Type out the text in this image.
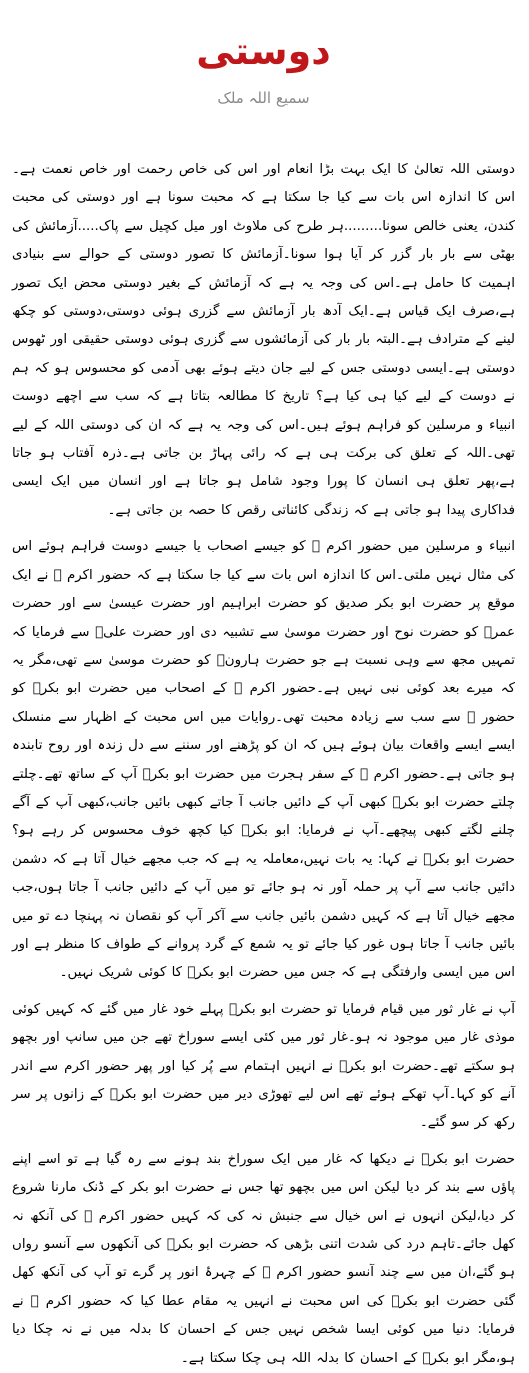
دوستی
سمیع اللہ ملک

دوستی اللہ تعالیٰ کا ایک بہت بڑا انعام اور اس کی خاص رحمت اور خاص نعمت ہے۔اس کا اندازہ اس بات سے کیا جا سکتا ہے کہ محبت سونا ہے اور دوستی کی محبت کندن، یعنی خالص سونا.........ہر طرح کی ملاوٹ اور میل کچیل سے پاک.....آزمائش کی بھٹی سے بار بار گزر کر آیا ہوا سونا۔آزمائش کا تصور دوستی کے حوالے سے بنیادی اہمیت کا حامل ہے۔اس کی وجہ یہ ہے کہ آزمائش کے بغیر دوستی محض ایک تصور ہے،صرف ایک قیاس ہے۔ایک آدھ بار آزمائش سے گزری ہوئی دوستی،دوستی کو چکھ لینے کے مترادف ہے۔البتہ بار بار کی آزمائشوں سے گزری ہوئی دوستی حقیقی اور ٹھوس دوستی ہے۔ایسی دوستی جس کے لیے جان دیتے ہوئے بھی آدمی کو محسوس ہو کہ ہم نے دوست کے لیے کیا ہی کیا ہے؟ تاریخ کا مطالعہ بتاتا ہے کہ سب سے اچھے دوست انبیاء و مرسلین کو فراہم ہوئے ہیں۔اس کی وجہ یہ ہے کہ ان کی دوستی اللہ کے لیے تھی۔اللہ کے تعلق کی برکت ہی ہے کہ رائی پہاڑ بن جاتی ہے۔ذرہ آفتاب ہو جاتا ہے،پھر تعلق ہی انسان کا پورا وجود شامل ہو جاتا ہے اور انسان میں ایک ایسی فداکاری پیدا ہو جاتی ہے کہ زندگی کائناتی رقص کا حصہ بن جاتی ہے۔

انبیاء و مرسلین میں حضور اکرم ﷺ کو جیسے اصحاب یا جیسے دوست فراہم ہوئے اس کی مثال نہیں ملتی۔اس کا اندازہ اس بات سے کیا جا سکتا ہے کہ حضور اکرم ﷺ نے ایک موقع پر حضرت ابو بکر صدیق کو حضرت ابراہیم اور حضرت عیسیٰ سے اور حضرت عمرؓ کو حضرت نوح اور حضرت موسیٰ سے تشبیہ دی اور حضرت علیؓ سے فرمایا کہ تمہیں مجھ سے وہی نسبت ہے جو حضرت ہارونؑ کو حضرت موسیٰ سے تھی،مگر یہ کہ میرے بعد کوئی نبی نہیں ہے۔حضور اکرم ﷺ کے اصحاب میں حضرت ابو بکرؓ کو حضور ﷺ سے سب سے زیادہ محبت تھی۔روایات میں اس محبت کے اظہار سے منسلک ایسے ایسے واقعات بیان ہوئے ہیں کہ ان کو پڑھنے اور سننے سے دل زندہ اور روح تابندہ ہو جاتی ہے۔حضور اکرم ﷺ کے سفر ہجرت میں حضرت ابو بکرؓ آپ کے ساتھ تھے۔چلتے چلتے حضرت ابو بکرؓ کبھی آپ کے دائیں جانب آ جاتے کبھی بائیں جانب،کبھی آپ کے آگے چلنے لگتے کبھی پیچھے۔آپ نے فرمایا: ابو بکرؓ کیا کچھ خوف محسوس کر رہے ہو؟ حضرت ابو بکرؓ نے کہا: یہ بات نہیں،معاملہ یہ ہے کہ جب مجھے خیال آتا ہے کہ دشمن دائیں جانب سے آپ پر حملہ آور نہ ہو جائے تو میں آپ کے دائیں جانب آ جاتا ہوں،جب مجھے خیال آتا ہے کہ کہیں دشمن بائیں جانب سے آکر آپ کو نقصان نہ پہنچا دے تو میں بائیں جانب آ جاتا ہوں غور کیا جائے تو یہ شمع کے گرد پروانے کے طواف کا منظر ہے اور اس میں ایسی وارفتگی ہے کہ جس میں حضرت ابو بکرؓ کا کوئی شریک نہیں۔

آپ نے غار ثور میں قیام فرمایا تو حضرت ابو بکرؓ پہلے خود غار میں گئے کہ کہیں کوئی موذی غار میں موجود نہ ہو۔غار ثور میں کئی ایسے سوراخ تھے جن میں سانپ اور بچھو ہو سکتے تھے۔حضرت ابو بکرؓ نے انہیں اہتمام سے پُر کیا اور پھر حضور اکرم سے اندر آنے کو کہا۔آپ تھکے ہوئے تھے اس لیے تھوڑی دیر میں حضرت ابو بکرؓ کے زانوں پر سر رکھ کر سو گئے۔

حضرت ابو بکرؓ نے دیکھا کہ غار میں ایک سوراخ بند ہونے سے رہ گیا ہے تو اسے اپنے پاؤں سے بند کر دیا لیکن اس میں بچھو تھا جس نے حضرت ابو بکر کے ڈنک مارنا شروع کر دیا،لیکن انہوں نے اس خیال سے جنبش نہ کی کہ کہیں حضور اکرم ﷺ کی آنکھ نہ کھل جائے۔تاہم درد کی شدت اتنی بڑھی کہ حضرت ابو بکرؓ کی آنکھوں سے آنسو رواں ہو گئے،ان میں سے چند آنسو حضور اکرم ﷺ کے چہرۂ انور پر گرے تو آپ کی آنکھ کھل گئی حضرت ابو بکرؓ کی اس محبت نے انہیں یہ مقام عطا کیا کہ حضور اکرم ﷺ نے فرمایا: دنیا میں کوئی ایسا شخص نہیں جس کے احسان کا بدلہ میں نے نہ چکا دیا ہو،مگر ابو بکرؓ کے احسان کا بدلہ اللہ ہی چکا سکتا ہے۔
